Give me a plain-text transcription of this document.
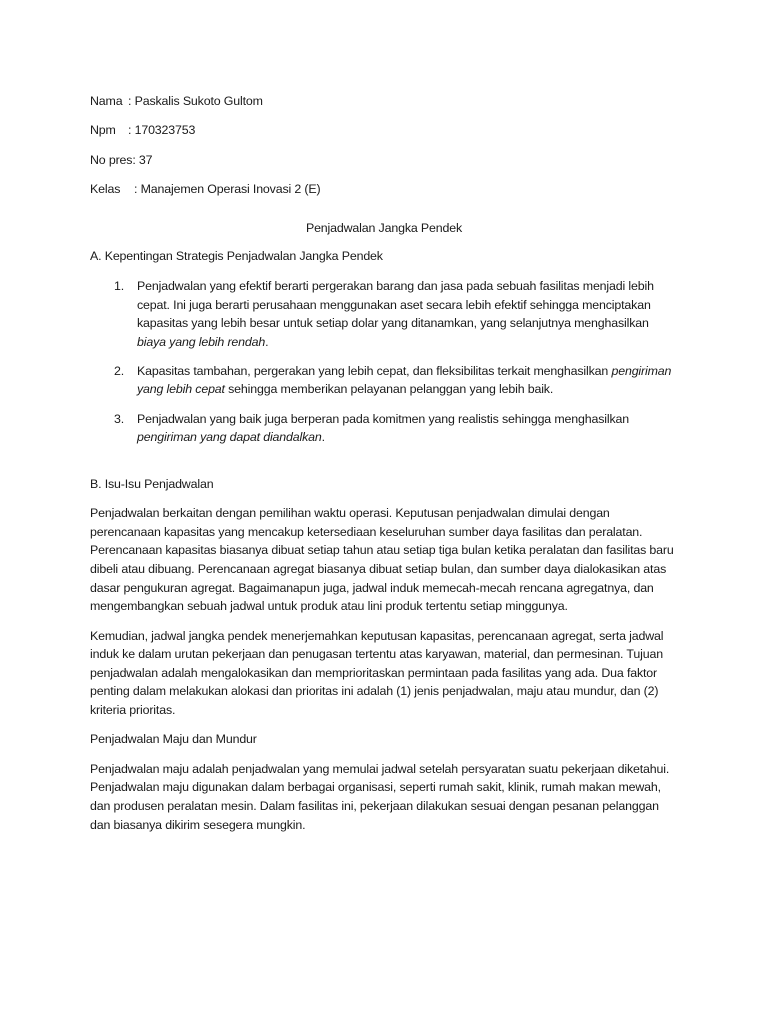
Nama : Paskalis Sukoto Gultom
Npm : 170323753
No pres: 37
Kelas : Manajemen Operasi Inovasi 2 (E)
Penjadwalan Jangka Pendek
A. Kepentingan Strategis Penjadwalan Jangka Pendek
1. Penjadwalan yang efektif berarti pergerakan barang dan jasa pada sebuah fasilitas menjadi lebih cepat. Ini juga berarti perusahaan menggunakan aset secara lebih efektif sehingga menciptakan kapasitas yang lebih besar untuk setiap dolar yang ditanamkan, yang selanjutnya menghasilkan biaya yang lebih rendah.
2. Kapasitas tambahan, pergerakan yang lebih cepat, dan fleksibilitas terkait menghasilkan pengiriman yang lebih cepat sehingga memberikan pelayanan pelanggan yang lebih baik.
3. Penjadwalan yang baik juga berperan pada komitmen yang realistis sehingga menghasilkan pengiriman yang dapat diandalkan.
B. Isu-Isu Penjadwalan

Penjadwalan berkaitan dengan pemilihan waktu operasi. Keputusan penjadwalan dimulai dengan perencanaan kapasitas yang mencakup ketersediaan keseluruhan sumber daya fasilitas dan peralatan. Perencanaan kapasitas biasanya dibuat setiap tahun atau setiap tiga bulan ketika peralatan dan fasilitas baru dibeli atau dibuang. Perencanaan agregat biasanya dibuat setiap bulan, dan sumber daya dialokasikan atas dasar pengukuran agregat. Bagaimanapun juga, jadwal induk memecah-mecah rencana agregatnya, dan mengembangkan sebuah jadwal untuk produk atau lini produk tertentu setiap minggunya.

Kemudian, jadwal jangka pendek menerjemahkan keputusan kapasitas, perencanaan agregat, serta jadwal induk ke dalam urutan pekerjaan dan penugasan tertentu atas karyawan, material, dan permesinan. Tujuan penjadwalan adalah mengalokasikan dan memprioritaskan permintaan pada fasilitas yang ada. Dua faktor penting dalam melakukan alokasi dan prioritas ini adalah (1) jenis penjadwalan, maju atau mundur, dan (2) kriteria prioritas.

Penjadwalan Maju dan Mundur

Penjadwalan maju adalah penjadwalan yang memulai jadwal setelah persyaratan suatu pekerjaan diketahui. Penjadwalan maju digunakan dalam berbagai organisasi, seperti rumah sakit, klinik, rumah makan mewah, dan produsen peralatan mesin. Dalam fasilitas ini, pekerjaan dilakukan sesuai dengan pesanan pelanggan dan biasanya dikirim sesegera mungkin.
